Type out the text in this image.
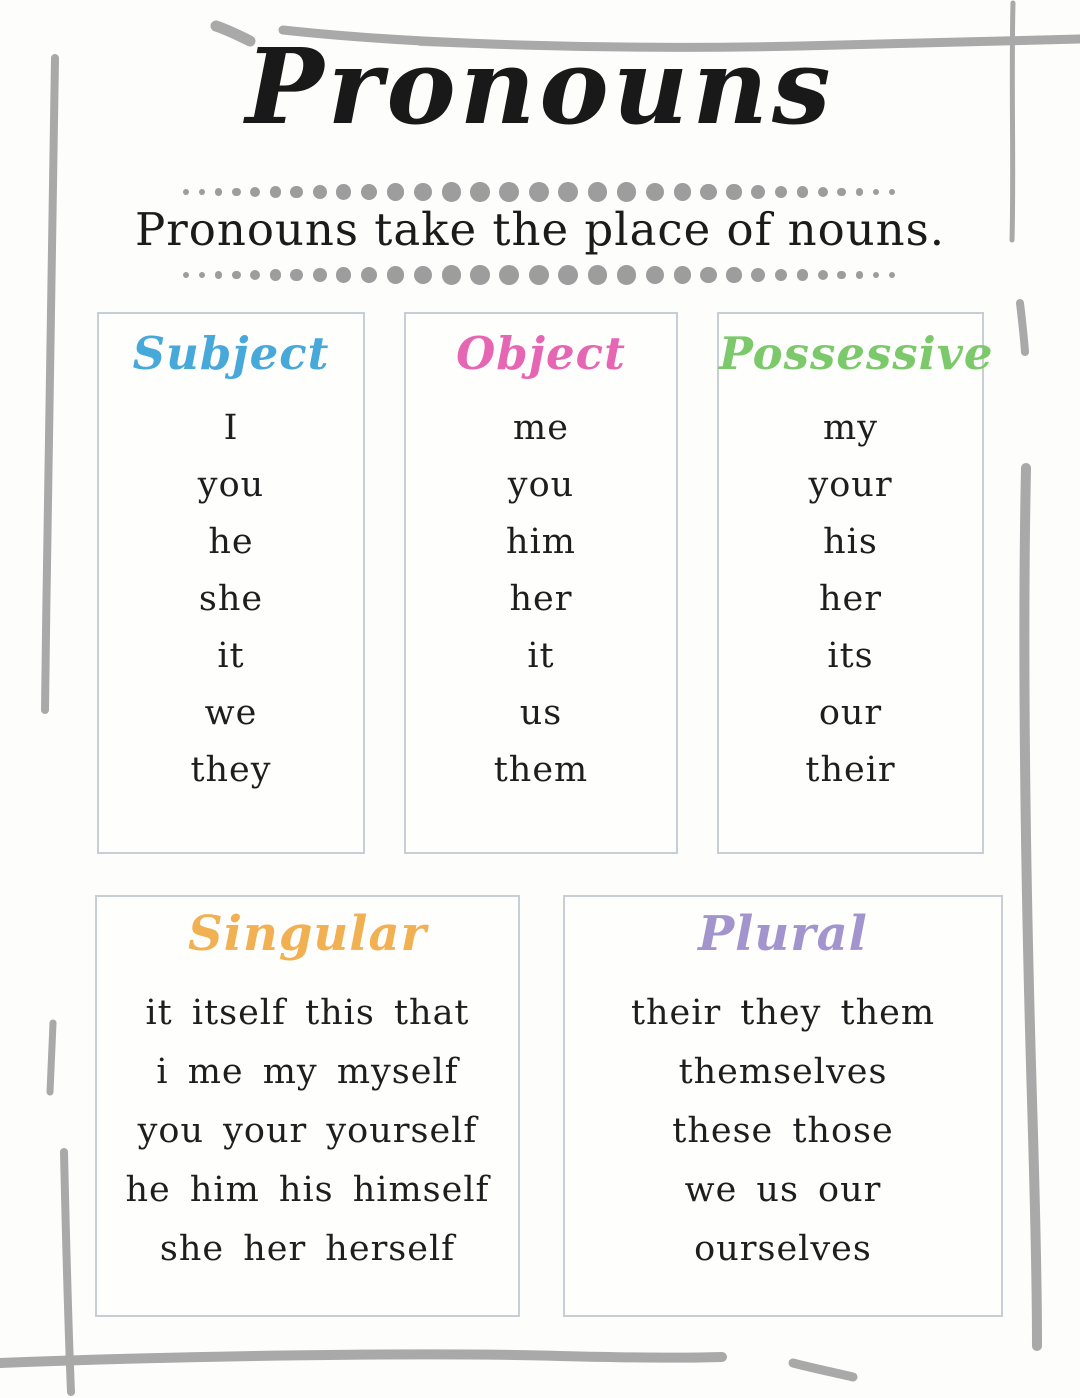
Pronouns

Pronouns take the place of nouns.

Subject
I
you
he
she
it
we
they
Object
me
you
him
her
it
us
them
Possessive
my
your
his
her
its
our
their
Singular

it itself this that

i me my myself

you your yourself

he him his himself

she her herself

Plural

their they them

themselves

these those

we us our

ourselves
